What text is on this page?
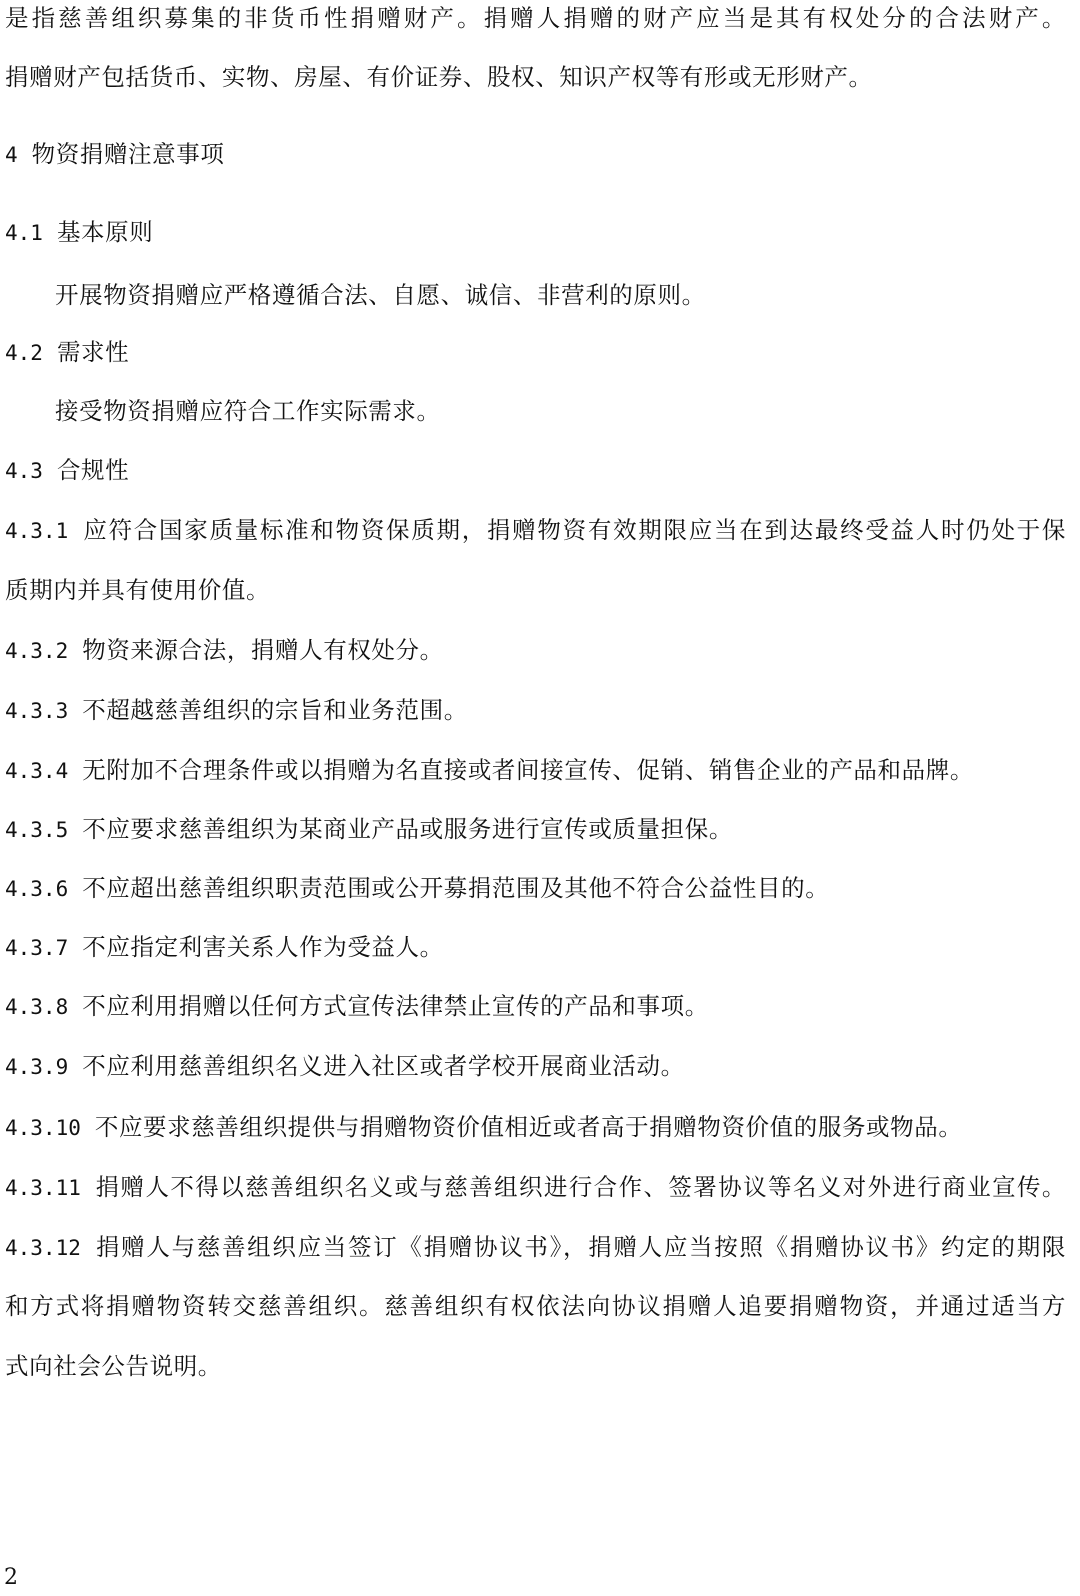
是指慈善组织募集的非货币性捐赠财产。捐赠人捐赠的财产应当是其有权处分的合法财产。
捐赠财产包括货币、实物、房屋、有价证券、股权、知识产权等有形或无形财产。
4 物资捐赠注意事项
4.1 基本原则
开展物资捐赠应严格遵循合法、自愿、诚信、非营利的原则。
4.2 需求性
接受物资捐赠应符合工作实际需求。
4.3 合规性
4.3.1 应符合国家质量标准和物资保质期，捐赠物资有效期限应当在到达最终受益人时仍处于保
质期内并具有使用价值。
4.3.2 物资来源合法，捐赠人有权处分。
4.3.3 不超越慈善组织的宗旨和业务范围。
4.3.4 无附加不合理条件或以捐赠为名直接或者间接宣传、促销、销售企业的产品和品牌。
4.3.5 不应要求慈善组织为某商业产品或服务进行宣传或质量担保。
4.3.6 不应超出慈善组织职责范围或公开募捐范围及其他不符合公益性目的。
4.3.7 不应指定利害关系人作为受益人。
4.3.8 不应利用捐赠以任何方式宣传法律禁止宣传的产品和事项。
4.3.9 不应利用慈善组织名义进入社区或者学校开展商业活动。
4.3.10 不应要求慈善组织提供与捐赠物资价值相近或者高于捐赠物资价值的服务或物品。
4.3.11 捐赠人不得以慈善组织名义或与慈善组织进行合作、签署协议等名义对外进行商业宣传。
4.3.12 捐赠人与慈善组织应当签订《捐赠协议书》，捐赠人应当按照《捐赠协议书》约定的期限
和方式将捐赠物资转交慈善组织。慈善组织有权依法向协议捐赠人追要捐赠物资，并通过适当方
式向社会公告说明。
2
